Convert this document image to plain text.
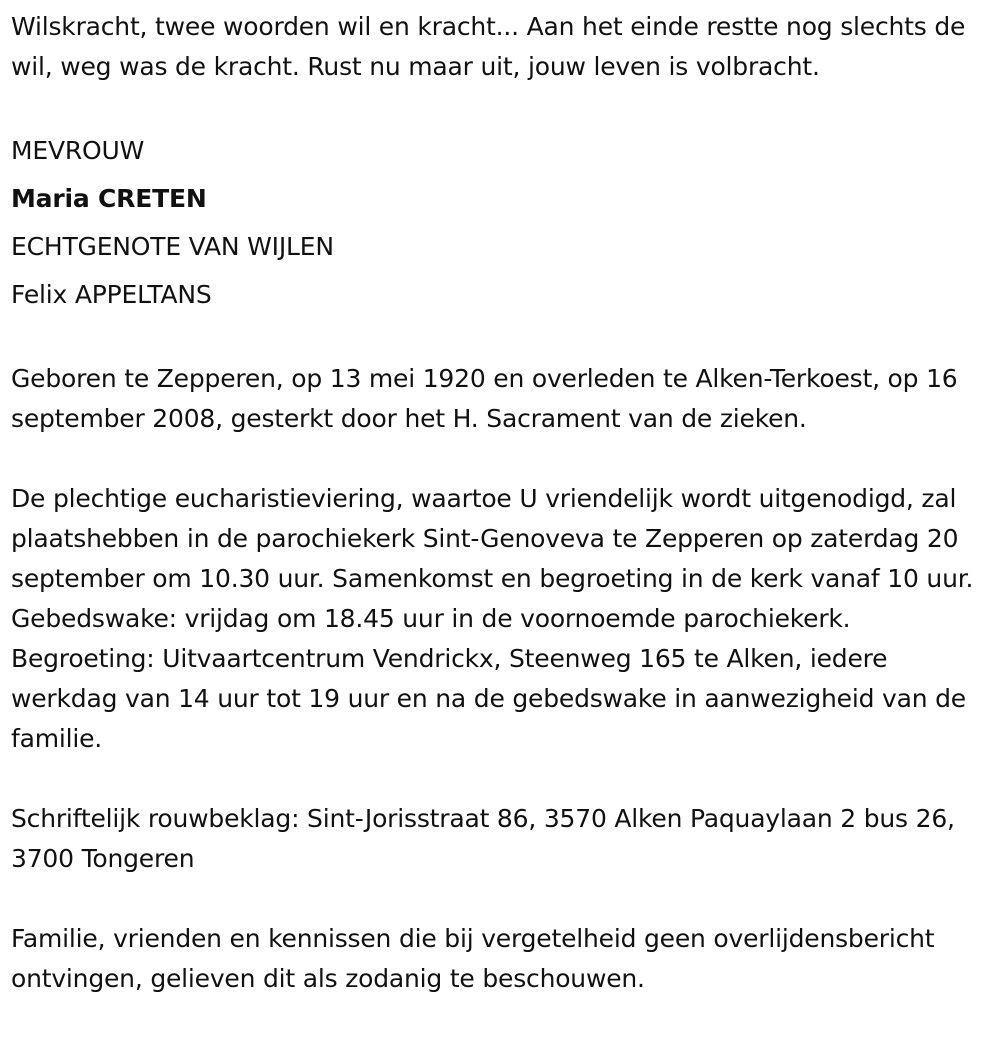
Wilskracht, twee woorden wil en kracht... Aan het einde restte nog slechts de wil, weg was de kracht. Rust nu maar uit, jouw leven is volbracht.

MEVROUW

Maria CRETEN

ECHTGENOTE VAN WIJLEN

Felix APPELTANS

Geboren te Zepperen, op 13 mei 1920 en overleden te Alken-Terkoest, op 16 september 2008, gesterkt door het H. Sacrament van de zieken.

De plechtige eucharistieviering, waartoe U vriendelijk wordt uitgenodigd, zal plaatshebben in de parochiekerk Sint-Genoveva te Zepperen op zaterdag 20 september om 10.30 uur. Samenkomst en begroeting in de kerk vanaf 10 uur. Gebedswake: vrijdag om 18.45 uur in de voornoemde parochiekerk. Begroeting: Uitvaartcentrum Vendrickx, Steenweg 165 te Alken, iedere werkdag van 14 uur tot 19 uur en na de gebedswake in aanwezigheid van de familie.

Schriftelijk rouwbeklag: Sint-Jorisstraat 86, 3570 Alken Paquaylaan 2 bus 26, 3700 Tongeren

Familie, vrienden en kennissen die bij vergetelheid geen overlijdensbericht ontvingen, gelieven dit als zodanig te beschouwen.
